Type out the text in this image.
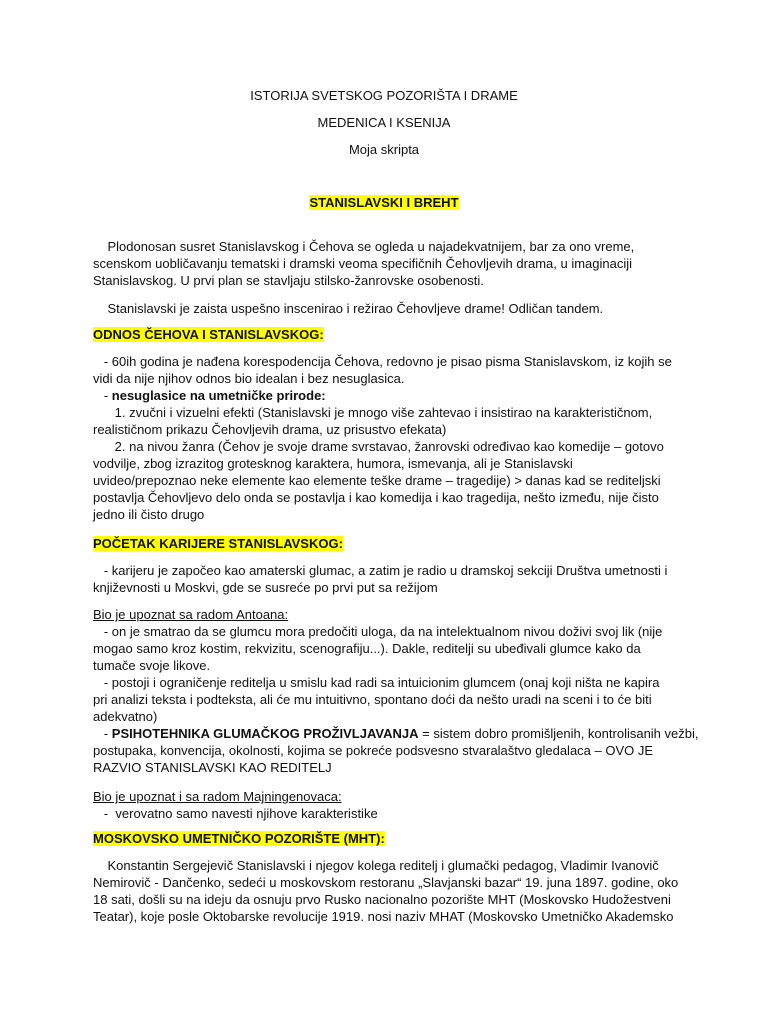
ISTORIJA SVETSKOG POZORIŠTA I DRAME
MEDENICA I KSENIJA
Moja skripta
STANISLAVSKI I BREHT
Plodonosan susret Stanislavskog i Čehova se ogleda u najadekvatnijem, bar za ono vreme,
scenskom uobličavanju tematski i dramski veoma specifičnih Čehovljevih drama, u imaginaciji
Stanislavskog. U prvi plan se stavljaju stilsko-žanrovske osobenosti.
Stanislavski je zaista uspešno inscenirao i režirao Čehovljeve drame! Odličan tandem.
ODNOS ČEHOVA I STANISLAVSKOG:
- 60ih godina je nađena korespodencija Čehova, redovno je pisao pisma Stanislavskom, iz kojih se
vidi da nije njihov odnos bio idealan i bez nesuglasica.
- nesuglasice na umetničke prirode:
1. zvučni i vizuelni efekti (Stanislavski je mnogo više zahtevao i insistirao na karakterističnom,
realističnom prikazu Čehovljevih drama, uz prisustvo efekata)
2. na nivou žanra (Čehov je svoje drame svrstavao, žanrovski određivao kao komedije – gotovo
vodvilje, zbog izrazitog grotesknog karaktera, humora, ismevanja, ali je Stanislavski
uvideo/prepoznao neke elemente kao elemente teške drame – tragedije) > danas kad se rediteljski
postavlja Čehovljevo delo onda se postavlja i kao komedija i kao tragedija, nešto između, nije čisto
jedno ili čisto drugo
POČETAK KARIJERE STANISLAVSKOG:
- karijeru je započeo kao amaterski glumac, a zatim je radio u dramskoj sekciji Društva umetnosti i
književnosti u Moskvi, gde se susreće po prvi put sa režijom
Bio je upoznat sa radom Antoana:
- on je smatrao da se glumcu mora predočiti uloga, da na intelektualnom nivou doživi svoj lik (nije
mogao samo kroz kostim, rekvizitu, scenografiju...). Dakle, reditelji su ubeđivali glumce kako da
tumače svoje likove.
- postoji i ograničenje reditelja u smislu kad radi sa intuicionim glumcem (onaj koji ništa ne kapira
pri analizi teksta i podteksta, ali će mu intuitivno, spontano doći da nešto uradi na sceni i to će biti
adekvatno)
- PSIHOTEHNIKA GLUMAČKOG PROŽIVLJAVANJA = sistem dobro promišljenih, kontrolisanih vežbi,
postupaka, konvencija, okolnosti, kojima se pokreće podsvesno stvaralaštvo gledalaca – OVO JE
RAZVIO STANISLAVSKI KAO REDITELJ
Bio je upoznat i sa radom Majningenovaca:
-  verovatno samo navesti njihove karakteristike
MOSKOVSKO UMETNIČKO POZORIŠTE (MHT):
Konstantin Sergejevič Stanislavski i njegov kolega reditelj i glumački pedagog, Vladimir Ivanovič
Nemirovič - Dančenko, sedeći u moskovskom restoranu „Slavjanski bazar“ 19. juna 1897. godine, oko
18 sati, došli su na ideju da osnuju prvo Rusko nacionalno pozorište MHT (Moskovsko Hudožestveni
Teatar), koje posle Oktobarske revolucije 1919. nosi naziv MHAT (Moskovsko Umetničko Akademsko
